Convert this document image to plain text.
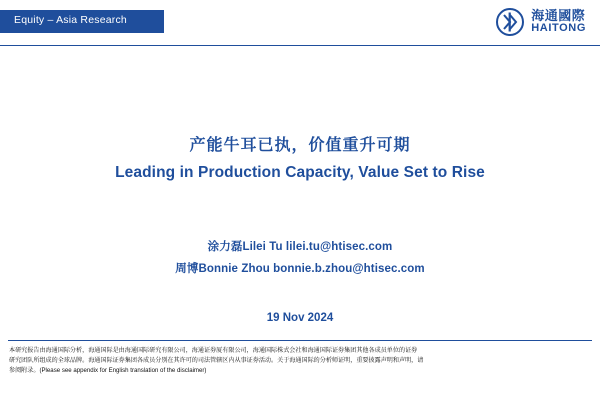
Equity – Asia Research	海通國際
HAITONG
产能牛耳已执，价值重升可期
Leading in Production Capacity, Value Set to Rise
涂力磊Lilei Tu lilei.tu@htisec.com
周博Bonnie Zhou bonnie.b.zhou@htisec.com
19 Nov 2024

本研究报告由海通国际分析，海通国际是由海通国际研究有限公司，海通证券厦有限公司，海通国际株式会社和海通国际证券集团其他各成员单位的证券

研究团队所组成的全球品牌。海通国际证券集团各成员分别在其许可的司法管辖区内从事证券活动。关于海通国际的分析师证明，重要披露声明和声明，请

参阅附录。(Please see appendix for English translation of the disclaimer)
